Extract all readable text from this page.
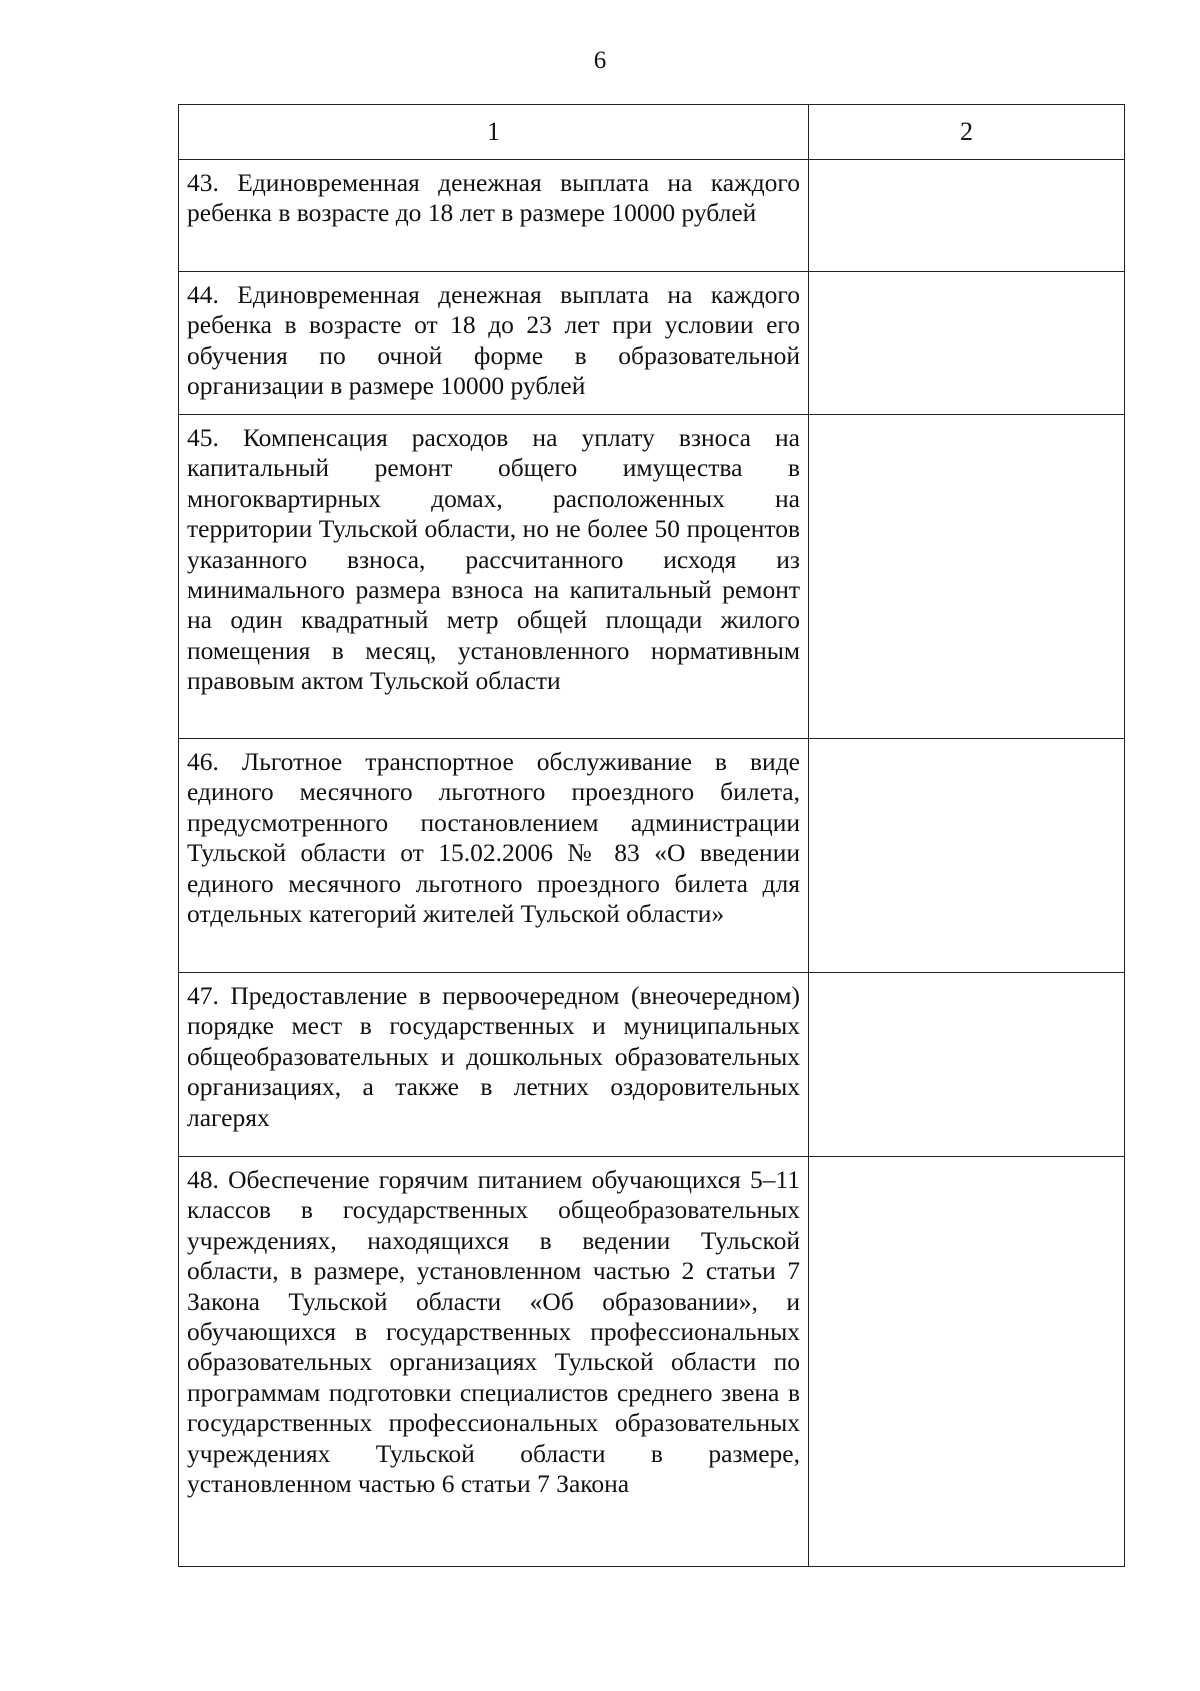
6
1	2

43. Единовременная денежная выплата на каждого ребенка в возрасте до 18 лет в размере 10000 рублей	

44. Единовременная денежная выплата на каждого ребенка в возрасте от 18 до 23 лет при условии его обучения по очной форме в образовательной организации в размере 10000 рублей	

45. Компенсация расходов на уплату взноса на капитальный ремонт общего имущества в многоквартирных домах, расположенных на территории Тульской области, но не более 50 процентов указанного взноса, рассчитанного исходя из минимального размера взноса на капитальный ремонт на один квадратный метр общей площади жилого помещения в месяц, установленного нормативным правовым актом Тульской области	

46. Льготное транспортное обслуживание в виде единого месячного льготного проездного билета, предусмотренного постановлением администрации Тульской области от 15.02.2006 № 83 «О введении единого месячного льготного проездного билета для отдельных категорий жителей Тульской области»	

47. Предоставление в первоочередном (внеочередном) порядке мест в государственных и муниципальных общеобразовательных и дошкольных образовательных организациях, а также в летних оздоровительных лагерях	

48. Обеспечение горячим питанием обучающихся 5–11 классов в государственных общеобразовательных учреждениях, находящихся в ведении Тульской области, в размере, установленном частью 2 статьи 7 Закона Тульской области «Об образовании», и обучающихся в государственных профессиональных образовательных организациях Тульской области по программам подготовки специалистов среднего звена в государственных профессиональных образовательных учреждениях Тульской области в размере, установленном частью 6 статьи 7 Закона	
